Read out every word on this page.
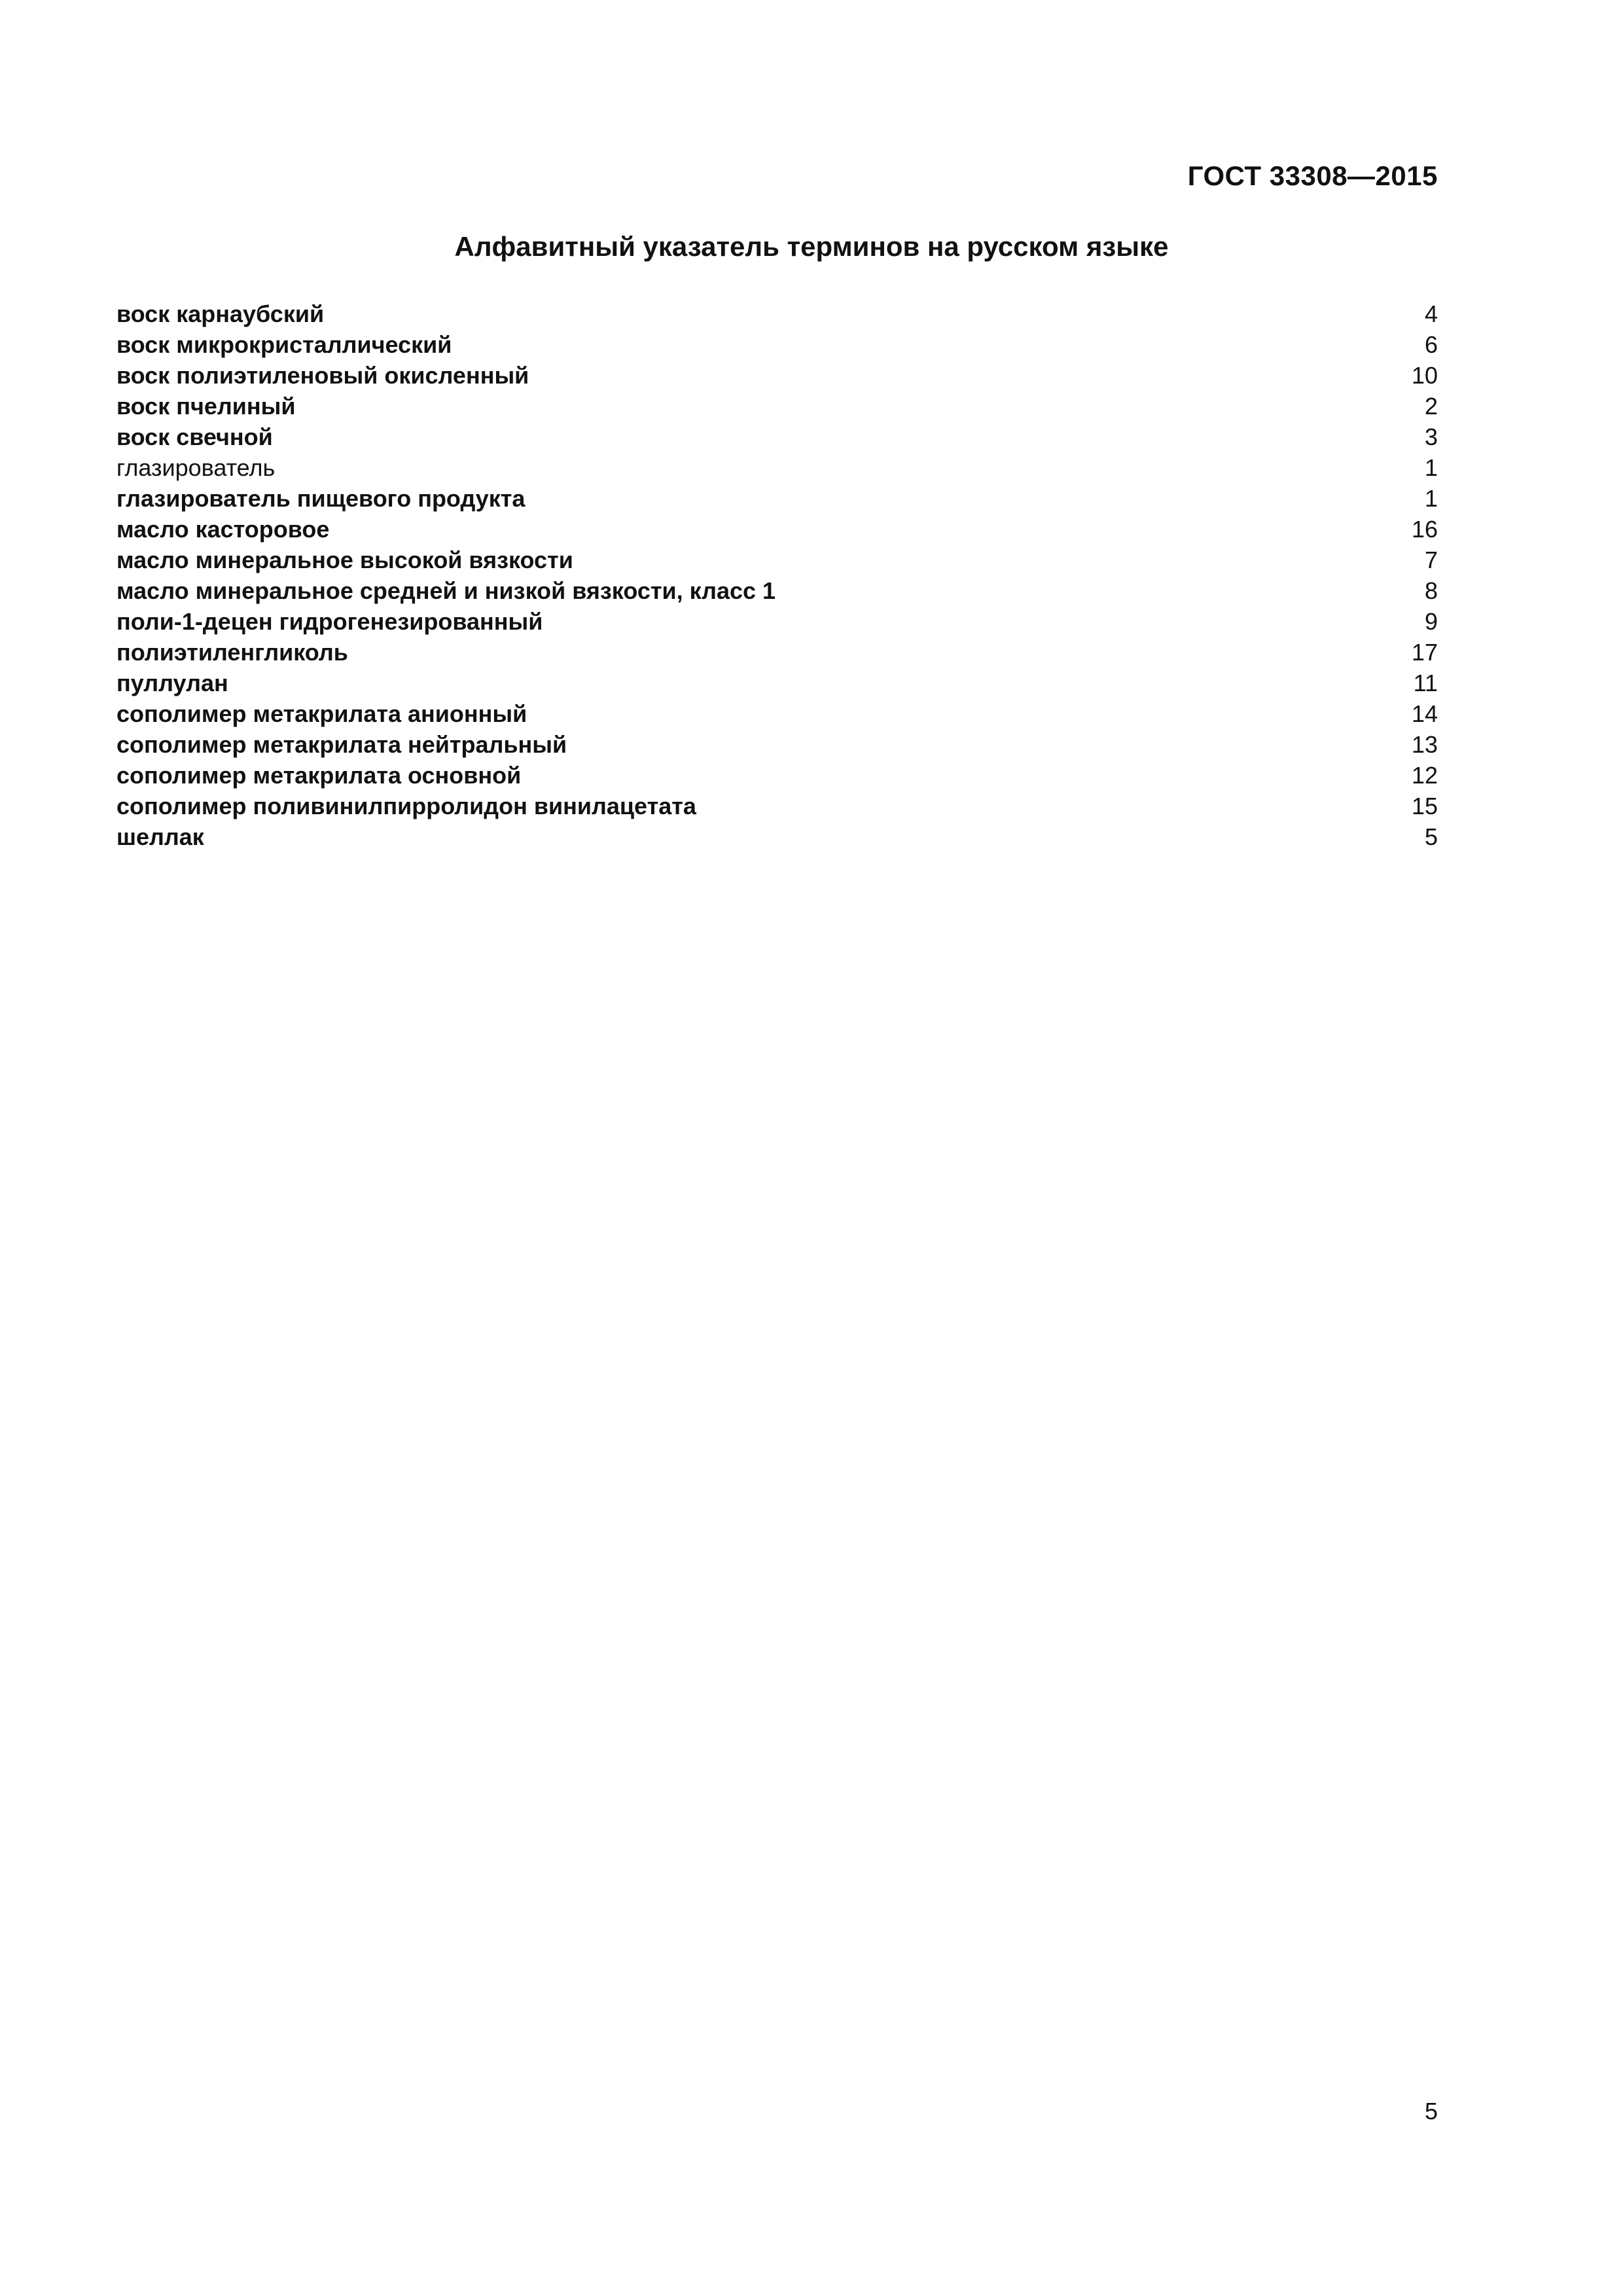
ГОСТ 33308—2015
Алфавитный указатель терминов на русском языке
воск карнаубский	4
воск микрокристаллический	6
воск полиэтиленовый окисленный	10
воск пчелиный	2
воск свечной	3
глазирователь	1
глазирователь пищевого продукта	1
масло касторовое	16
масло минеральное высокой вязкости	7
масло минеральное средней и низкой вязкости, класс 1	8
поли-1-децен гидрогенезированный	9
полиэтиленгликоль	17
пуллулан	11
сополимер метакрилата анионный	14
сополимер метакрилата нейтральный	13
сополимер метакрилата основной	12
сополимер поливинилпирролидон винилацетата	15
шеллак	5
5
